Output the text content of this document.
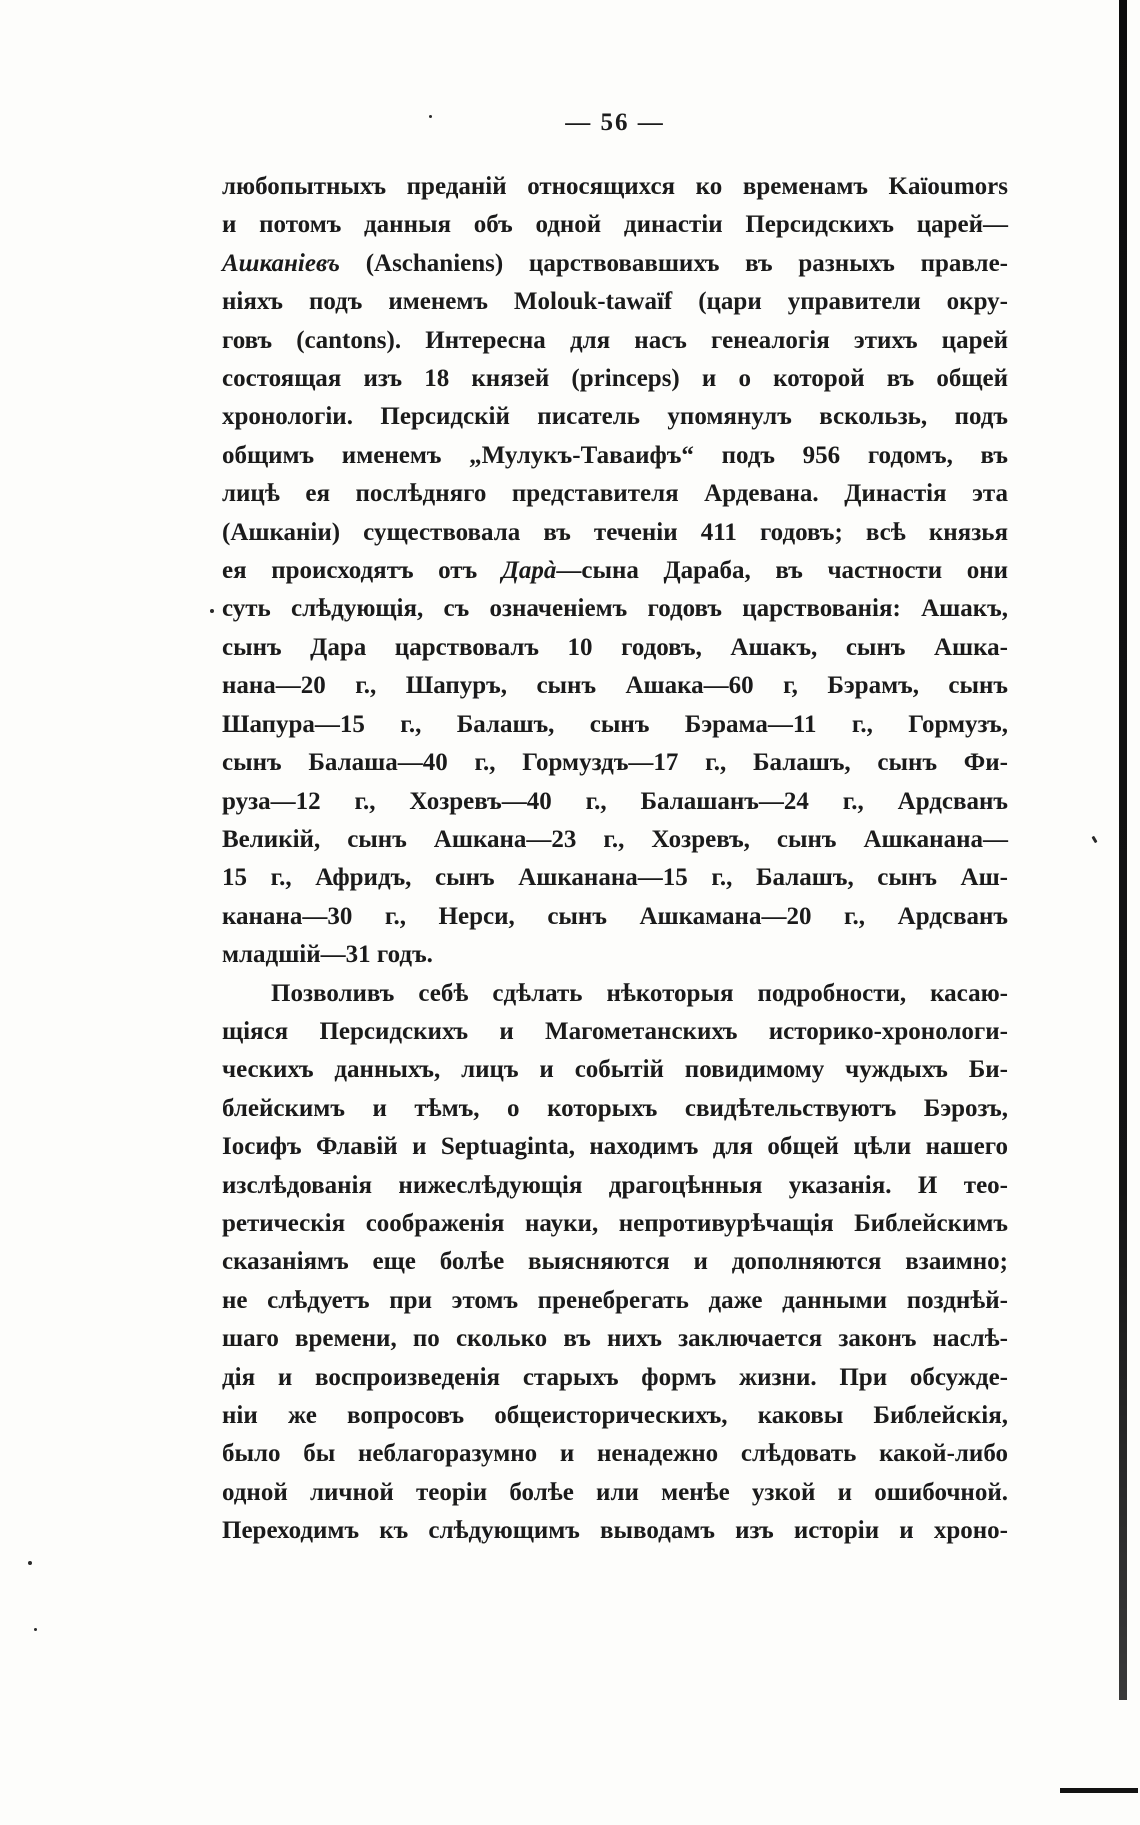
— 56 —
любопытныхъ преданій относящихся ко временамъ Kaïoumors
и потомъ данныя объ одной династіи Персидскихъ царей—
Ашканіевъ (Aschaniens) царствовавшихъ въ разныхъ правле-
ніяхъ подъ именемъ Molouk-tawaïf (цари управители окру-
говъ (cantons). Интересна для насъ генеалогія этихъ царей
состоящая изъ 18 князей (princeps) и о которой въ общей
хронологіи. Персидскій писатель упомянулъ вскользь, подъ
общимъ именемъ „Мулукъ-Таваифъ“ подъ 956 годомъ, въ
лицѣ ея послѣдняго представителя Ардевана. Династія эта
(Ашканіи) существовала въ теченіи 411 годовъ; всѣ князья
ея происходятъ отъ Дарà—сына Дараба, въ частности они
суть слѣдующія, съ означеніемъ годовъ царствованія: Ашакъ,
сынъ Дара царствовалъ 10 годовъ, Ашакъ, сынъ Ашка-
нана—20 г., Шапуръ, сынъ Ашака—60 г, Бэрамъ, сынъ
Шапура—15 г., Балашъ, сынъ Бэрама—11 г., Гормузъ,
сынъ Балаша—40 г., Гормуздъ—17 г., Балашъ, сынъ Фи-
руза—12 г., Хозревъ—40 г., Балашанъ—24 г., Ардсванъ
Великій, сынъ Ашкана—23 г., Хозревъ, сынъ Ашканана—
15 г., Афридъ, сынъ Ашканана—15 г., Балашъ, сынъ Аш-
канана—30 г., Нерси, сынъ Ашкамана—20 г., Ардсванъ
младшій—31 годъ.
Позволивъ себѣ сдѣлать нѣкоторыя подробности, касаю-
щіяся Персидскихъ и Магометанскихъ историко-хронологи-
ческихъ данныхъ, лицъ и событій повидимому чуждыхъ Би-
блейскимъ и тѣмъ, о которыхъ свидѣтельствуютъ Бэрозъ,
Іосифъ Флавій и Septuaginta, находимъ для общей цѣли нашего
изслѣдованія нижеслѣдующія драгоцѣнныя указанія. И тео-
ретическія соображенія науки, непротивурѣчащія Библейскимъ
сказаніямъ еще болѣе выясняются и дополняются взаимно;
не слѣдуетъ при этомъ пренебрегать даже данными позднѣй-
шаго времени, по сколько въ нихъ заключается законъ наслѣ-
дія и воспроизведенія старыхъ формъ жизни. При обсужде-
ніи же вопросовъ общеисторическихъ, каковы Библейскія,
было бы неблагоразумно и ненадежно слѣдовать какой-либо
одной личной теоріи болѣе или менѣе узкой и ошибочной.
Переходимъ къ слѣдующимъ выводамъ изъ исторіи и хроно-
